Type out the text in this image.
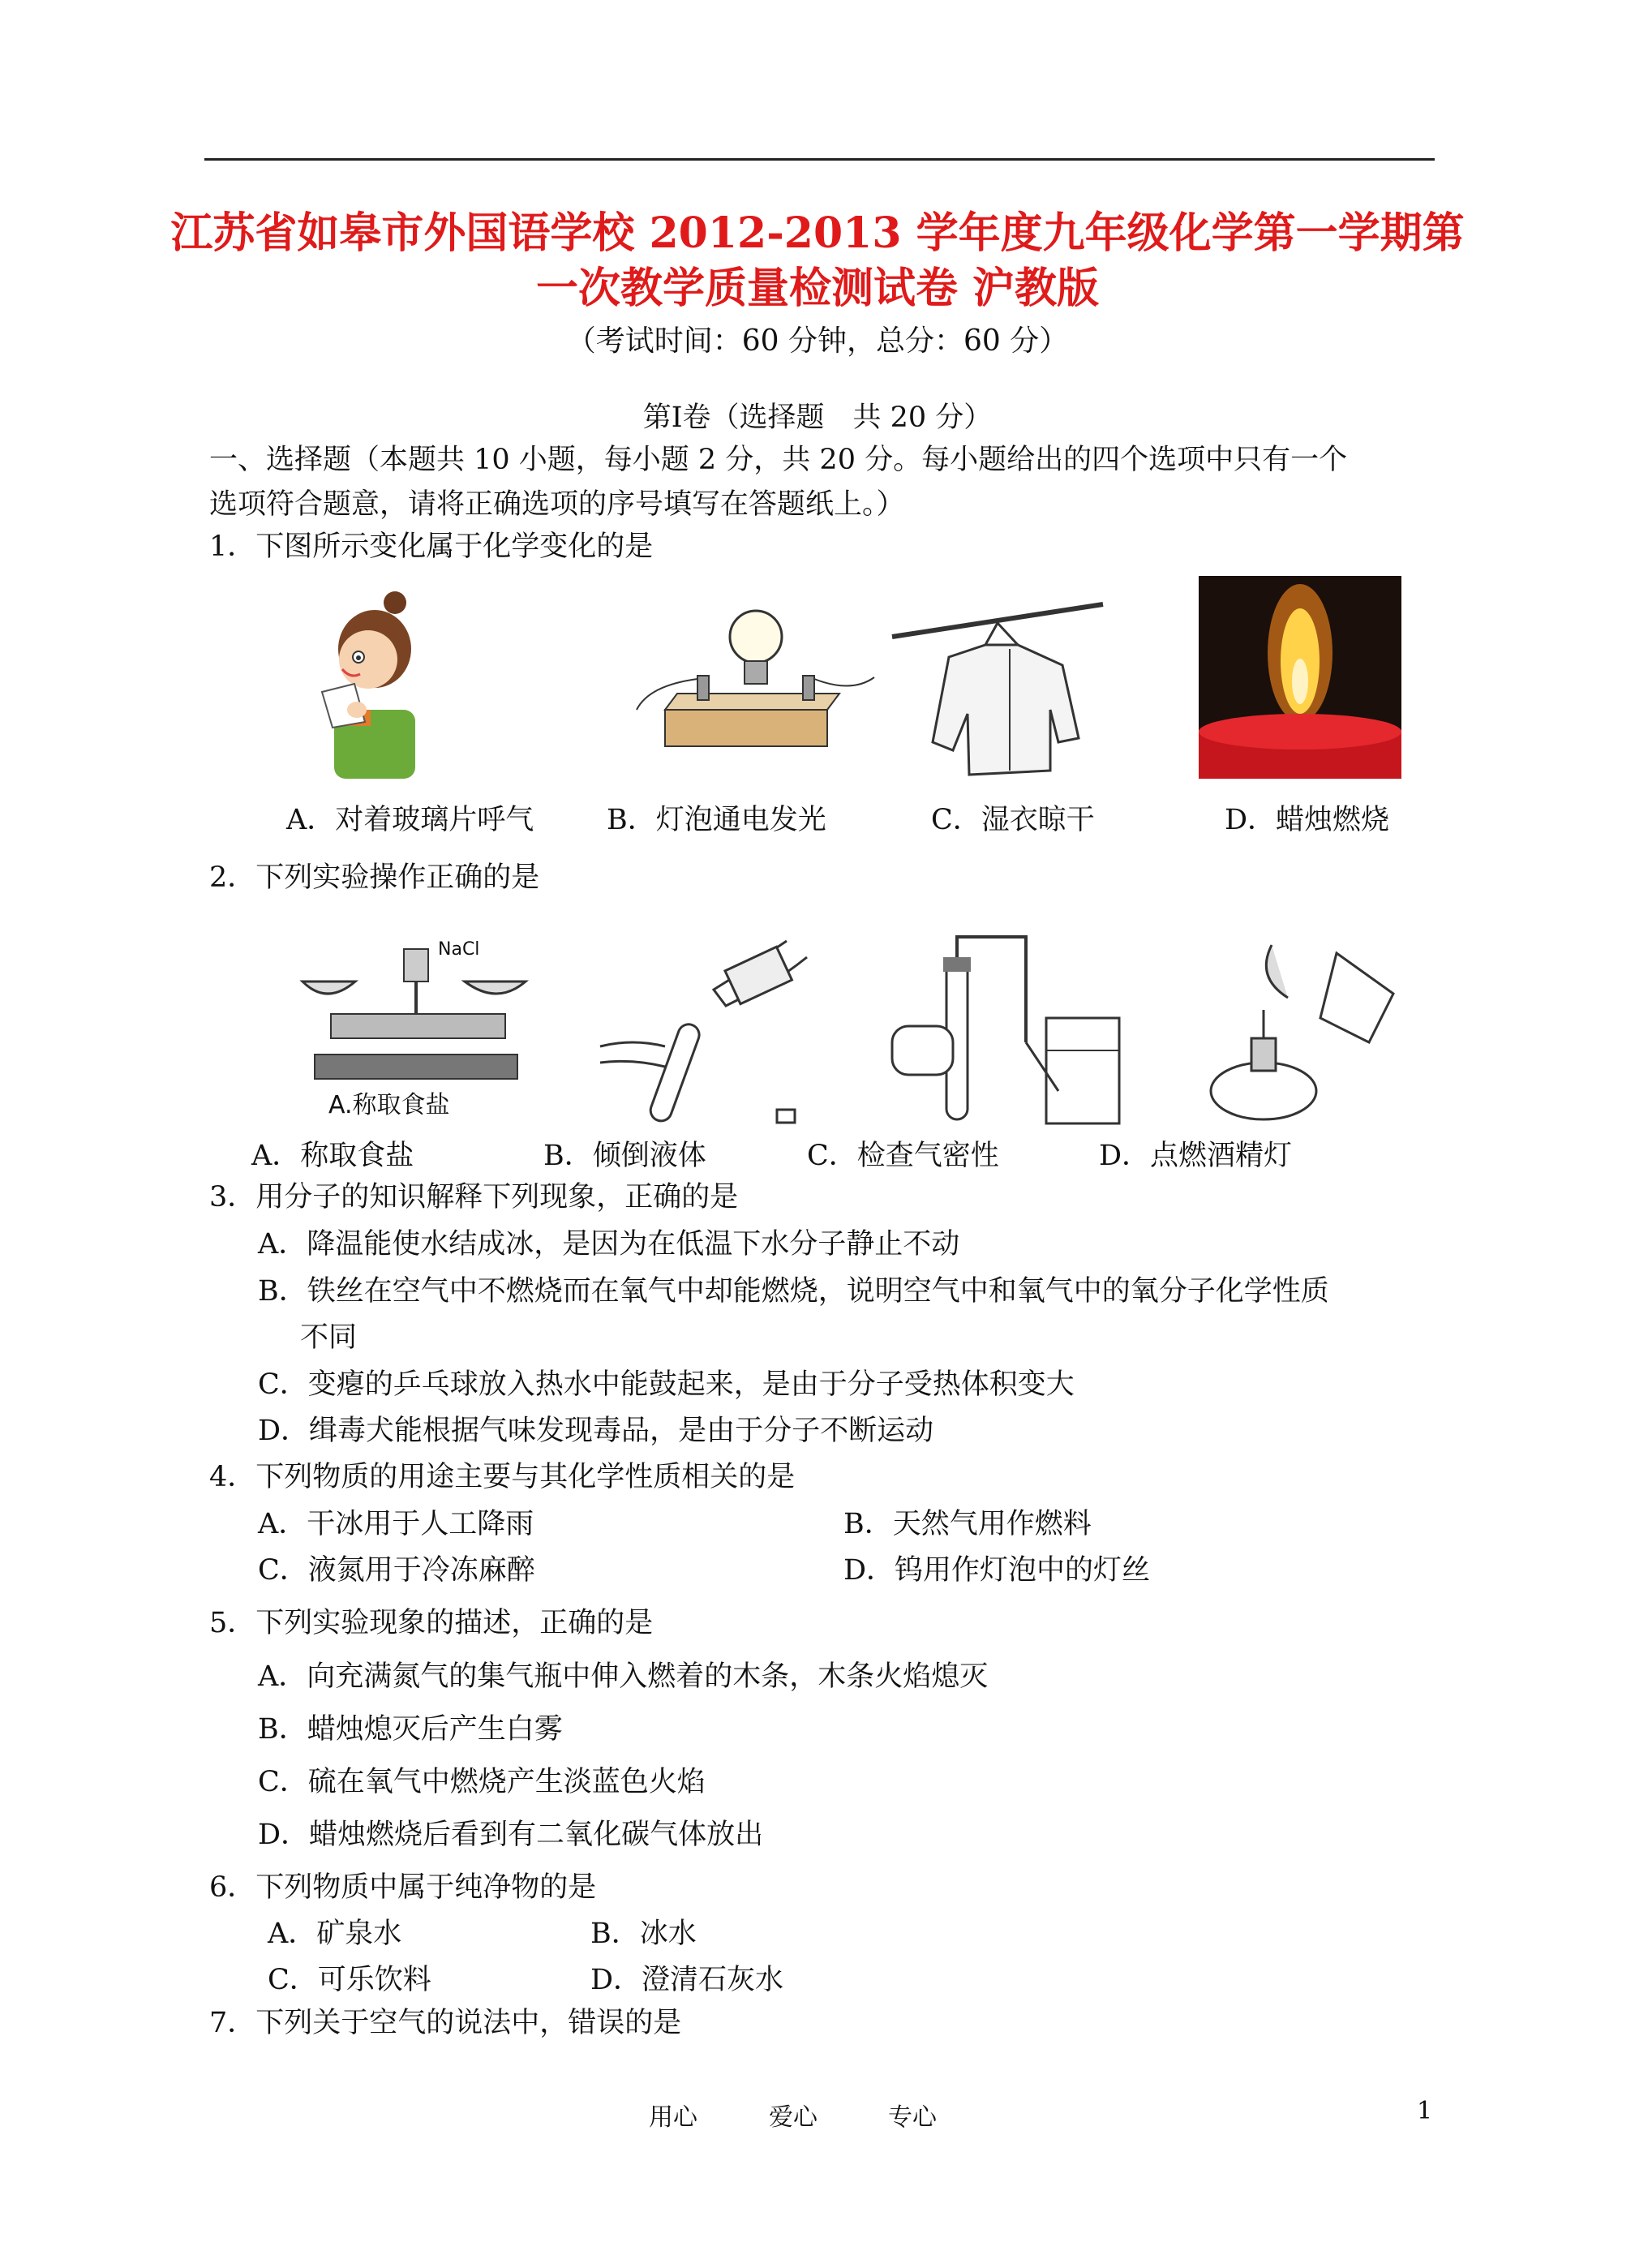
江苏省如皋市外国语学校 2012-2013 学年度九年级化学第一学期第
一次教学质量检测试卷 沪教版
（考试时间：60 分钟，总分：60 分）
第Ⅰ卷（选择题　共 20 分）
一、选择题（本题共 10 小题，每小题 2 分，共 20 分。每小题给出的四个选项中只有一个
选项符合题意，请将正确选项的序号填写在答题纸上。）
1．下图所示变化属于化学变化的是
A．对着玻璃片呼气	B．灯泡通电发光	C．湿衣晾干	D．蜡烛燃烧
2．下列实验操作正确的是
NaCl
A.称取食盐
A．称取食盐	B．倾倒液体	C．检查气密性	D．点燃酒精灯
3．用分子的知识解释下列现象，正确的是
A．降温能使水结成冰，是因为在低温下水分子静止不动
B．铁丝在空气中不燃烧而在氧气中却能燃烧，说明空气中和氧气中的氧分子化学性质
不同
C．变瘪的乒乓球放入热水中能鼓起来，是由于分子受热体积变大
D．缉毒犬能根据气味发现毒品，是由于分子不断运动
4．下列物质的用途主要与其化学性质相关的是
A．干冰用于人工降雨	B．天然气用作燃料
C．液氮用于冷冻麻醉	D．钨用作灯泡中的灯丝
5．下列实验现象的描述，正确的是
A．向充满氮气的集气瓶中伸入燃着的木条，木条火焰熄灭
B．蜡烛熄灭后产生白雾
C．硫在氧气中燃烧产生淡蓝色火焰
D．蜡烛燃烧后看到有二氧化碳气体放出
6．下列物质中属于纯净物的是
A．矿泉水	B．冰水
C．可乐饮料	D．澄清石灰水
7．下列关于空气的说法中，错误的是
用心	爱心	专心	1
